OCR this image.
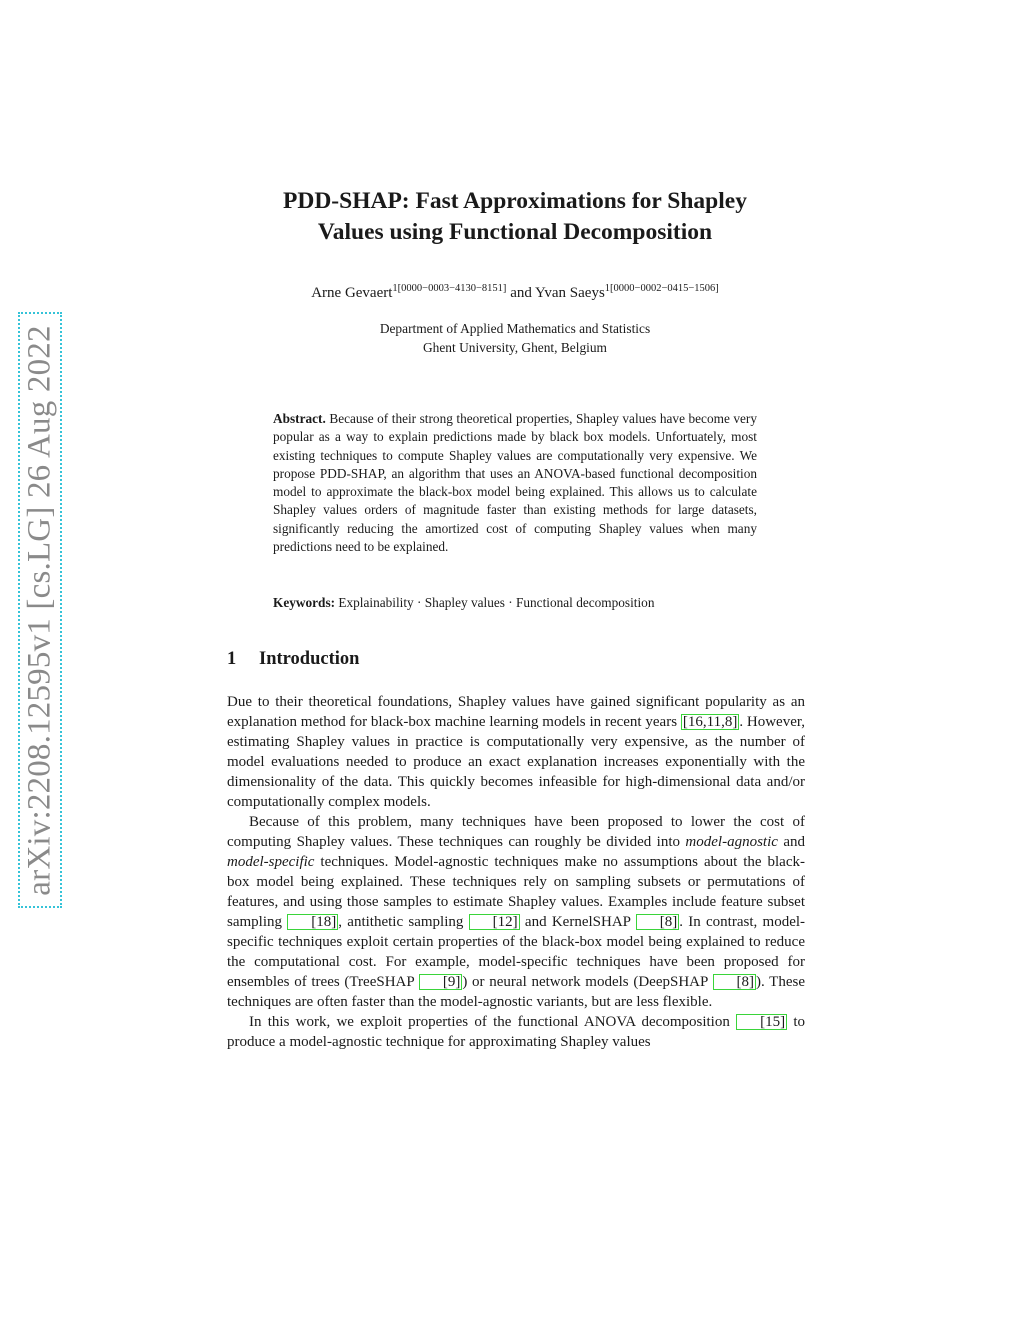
arXiv:2208.12595v1 [cs.LG] 26 Aug 2022
PDD-SHAP: Fast Approximations for Shapley
Values using Functional Decomposition
Arne Gevaert$^{1[0000-0003-4130-8151]}$ and Yvan Saeys$^{1[0000-0002-0415-1506]}$
Department of Applied Mathematics and Statistics
Ghent University, Ghent, Belgium

Abstract. Because of their strong theoretical properties, Shapley values have become very popular as a way to explain predictions made by black box models. Unfortuately, most existing techniques to compute Shapley values are computationally very expensive. We propose PDD-SHAP, an algorithm that uses an ANOVA-based functional decomposition model to approximate the black-box model being explained. This allows us to calculate Shapley values orders of magnitude faster than existing methods for large datasets, significantly reducing the amortized cost of computing Shapley values when many predictions need to be explained.

Keywords: Explainability · Shapley values · Functional decomposition
1 Introduction

Due to their theoretical foundations, Shapley values have gained significant popularity as an explanation method for black-box machine learning models in recent years [16,11,8] . However, estimating Shapley values in practice is computationally very expensive, as the number of model evaluations needed to produce an exact explanation increases exponentially with the dimensionality of the data. This quickly becomes infeasible for high-dimensional data and/or computationally complex models.

Because of this problem, many techniques have been proposed to lower the cost of computing Shapley values. These techniques can roughly be divided into model-agnostic and model-specific techniques. Model-agnostic techniques make no assumptions about the black-box model being explained. These techniques rely on sampling subsets or permutations of features, and using those samples to estimate Shapley values. Examples include feature subset sampling [18] , antithetic sampling [12] and KernelSHAP [8] . In contrast, model-specific techniques exploit certain properties of the black-box model being explained to reduce the computational cost. For example, model-specific techniques have been proposed for ensembles of trees (TreeSHAP [9] ) or neural network models (DeepSHAP [8] ). These techniques are often faster than the model-agnostic variants, but are less flexible.

In this work, we exploit properties of the functional ANOVA decomposition [15] to produce a model-agnostic technique for approximating Shapley values
